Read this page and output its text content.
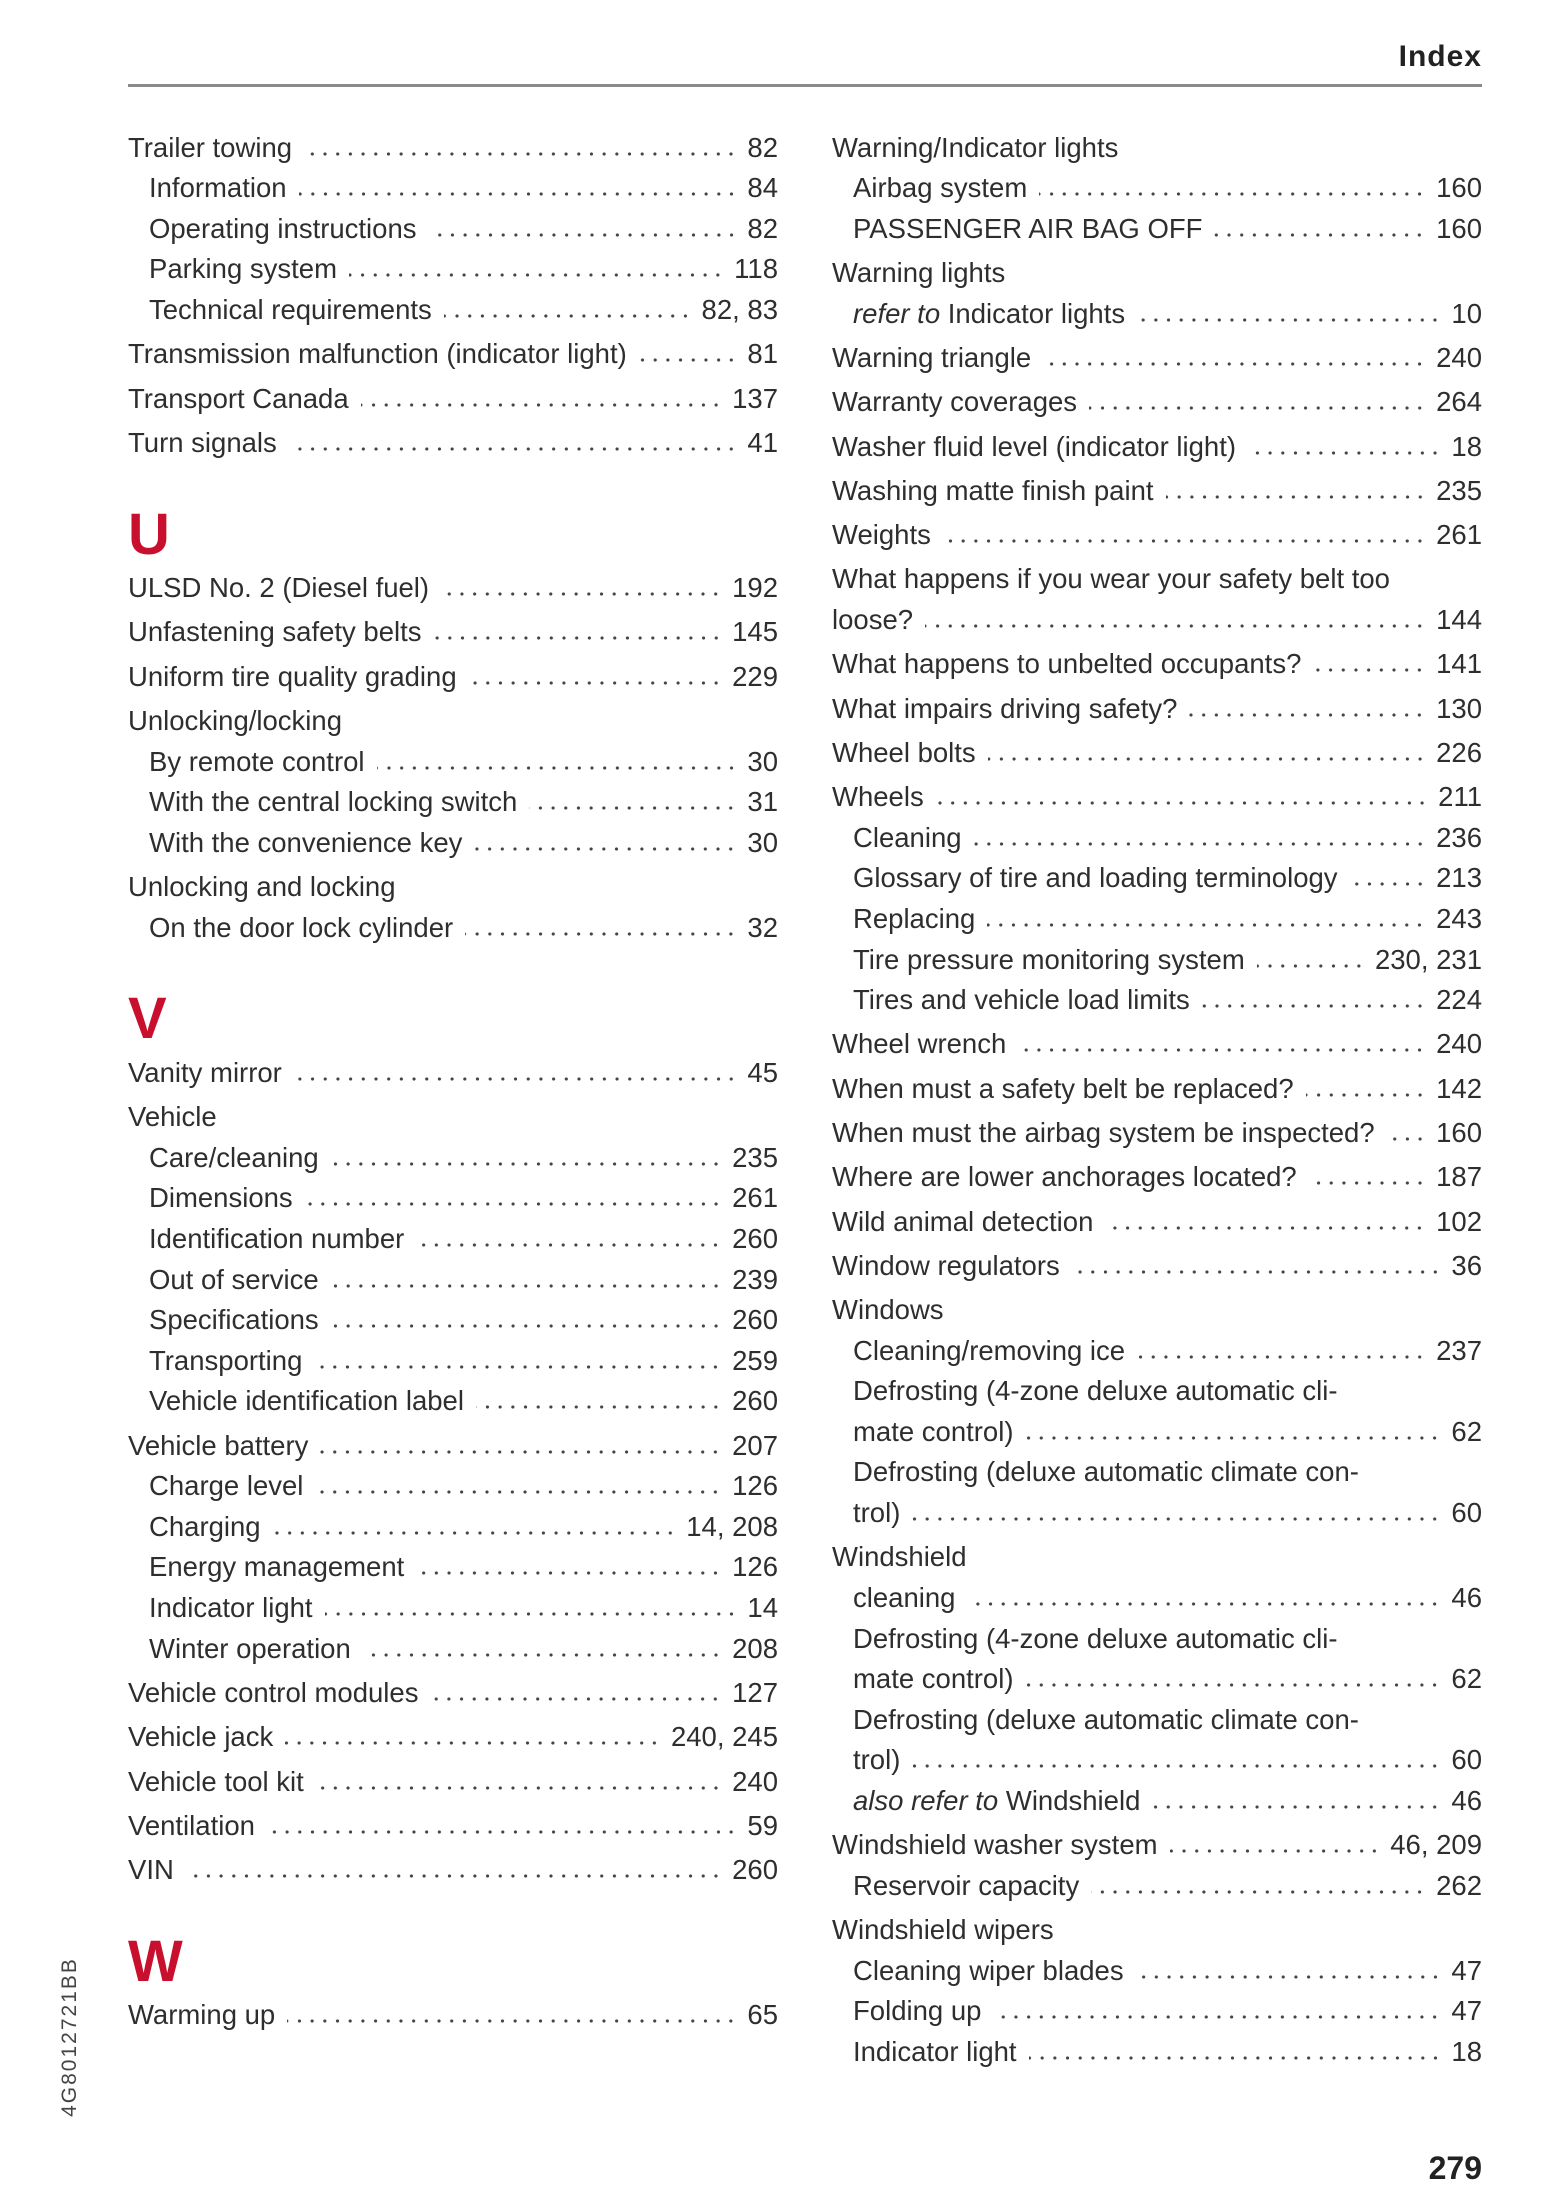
Index
Trailer towing	82
Information	84
Operating instructions	82
Parking system	118
Technical requirements	82, 83
Transmission malfunction (indicator light)	81
Transport Canada	137
Turn signals	41
U
ULSD No. 2 (Diesel fuel)	192
Unfastening safety belts	145
Uniform tire quality grading	229
Unlocking/locking
By remote control	30
With the central locking switch	31
With the convenience key	30
Unlocking and locking
On the door lock cylinder	32
V
Vanity mirror	45
Vehicle
Care/cleaning	235
Dimensions	261
Identification number	260
Out of service	239
Specifications	260
Transporting	259
Vehicle identification label	260
Vehicle battery	207
Charge level	126
Charging	14, 208
Energy management	126
Indicator light	14
Winter operation	208
Vehicle control modules	127
Vehicle jack	240, 245
Vehicle tool kit	240
Ventilation	59
VIN	260
W
Warming up	65
Warning/Indicator lights
Airbag system	160
PASSENGER AIR BAG OFF	160
Warning lights
refer to Indicator lights	10
Warning triangle	240
Warranty coverages	264
Washer fluid level (indicator light)	18
Washing matte finish paint	235
Weights	261
What happens if you wear your safety belt too
loose?	144
What happens to unbelted occupants?	141
What impairs driving safety?	130
Wheel bolts	226
Wheels	211
Cleaning	236
Glossary of tire and loading terminology	213
Replacing	243
Tire pressure monitoring system	230, 231
Tires and vehicle load limits	224
Wheel wrench	240
When must a safety belt be replaced?	142
When must the airbag system be inspected? 160
Where are lower anchorages located?	187
Wild animal detection	102
Window regulators	36
Windows
Cleaning/removing ice	237
Defrosting (4-zone deluxe automatic cli-
mate control)	62
Defrosting (deluxe automatic climate con-
trol)	60
Windshield
cleaning	46
Defrosting (4-zone deluxe automatic cli-
mate control)	62
Defrosting (deluxe automatic climate con-
trol)	60
also refer to Windshield	46
Windshield washer system	46, 209
Reservoir capacity	262
Windshield wipers
Cleaning wiper blades	47
Folding up	47
Indicator light	18
279
4G8012721BB
